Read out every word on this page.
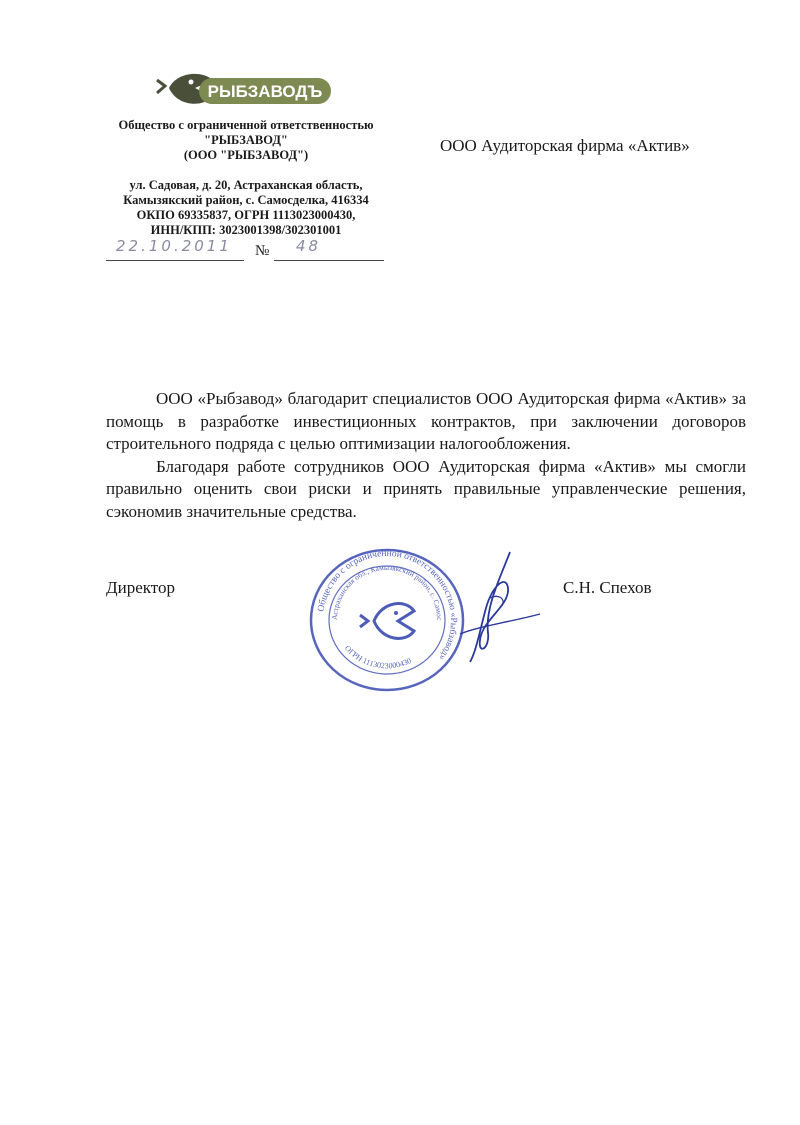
РЫБЗАВОДЪ
Общество с ограниченной ответственностью
"РЫБЗАВОД"
(ООО "РЫБЗАВОД")
ул. Садовая, д. 20, Астраханская область,
Камызякский район, с. Самосделка, 416334
ОКПО 69335837, ОГРН 1113023000430,
ИНН/КПП: 3023001398/302301001
22.10.2011 № 48
ООО Аудиторская фирма «Актив»

ООО «Рыбзавод» благодарит специалистов ООО Аудиторская фирма «Актив» за помощь в разработке инвестиционных контрактов, при заключении договоров строительного подряда с целью оптимизации налогообложения.

Благодаря работе сотрудников ООО Аудиторская фирма «Актив» мы смогли правильно оценить свои риски и принять правильные управленческие решения, сэкономив значительные средства.

Директор	С.Н. Спехов
Общество с ограниченной ответственностью «Рыбзавод»
Астраханская обл., Камызякский район, с. Самос
ОГРН 1113023000430
